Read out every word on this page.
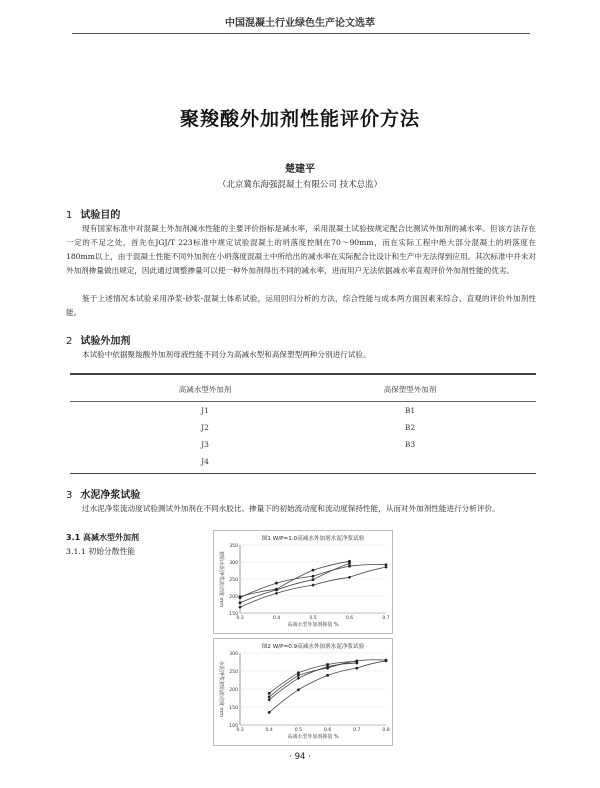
中国混凝土行业绿色生产论文选萃
聚羧酸外加剂性能评价方法
楚建平
（北京冀东海强混凝土有限公司 技术总监）
1 试验目的
现有国家标准中对混凝土外加剂减水性能的主要评价指标是减水率，采用混凝土试验按规定配合比测试外加剂的减水率。但该方法存在一定的不足之处，首先在JGJ/T 223标准中规定试验混凝土的坍落度控制在70～90mm，而在实际工程中绝大部分混凝土的坍落度在180mm以上，由于混凝土性能不同外加剂在小坍落度混凝土中所给出的减水率在实际配合比设计和生产中无法得到应用。其次标准中并未对外加剂掺量做出规定，因此通过调整掺量可以使一种外加剂得出不同的减水率，进而用户无法依据减水率直观评价外加剂性能的优劣。
鉴于上述情况本试验采用净浆-砂浆-混凝土体系试验，运用回归分析的方法，综合性能与成本两方面因素来综合、直观的评价外加剂性能。
2 试验外加剂
本试验中依据聚羧酸外加剂母液性能不同分为高减水型和高保塑型两种分别进行试验。
高减水型外加剂	高保塑型外加剂
J1	B1
J2	B2
J3	B3
J4
3 水泥净浆试验
过水泥净浆流动度试验测试外加剂在不同水胶比、掺量下的初始流动度和流动度保持性能，从而对外加剂性能进行分析评价。
3.1 高减水型外加剂
3.1.1 初始分散性能
图1 W/P=1.0高减水外加剂水泥净浆试验
初始水泥净浆流动度 mm
150
200
250
300
350
0.3	0.4	0.5	0.6	0.7
高减水型外加剂掺量 %
图2 W/P=0.9高减水外加剂水泥净浆试验
水泥净浆初始流动度 mm
100
150
200
250
300
0.3	0.4	0.5	0.6	0.7	0.8
高减水型外加剂掺量 %
· 94 ·
